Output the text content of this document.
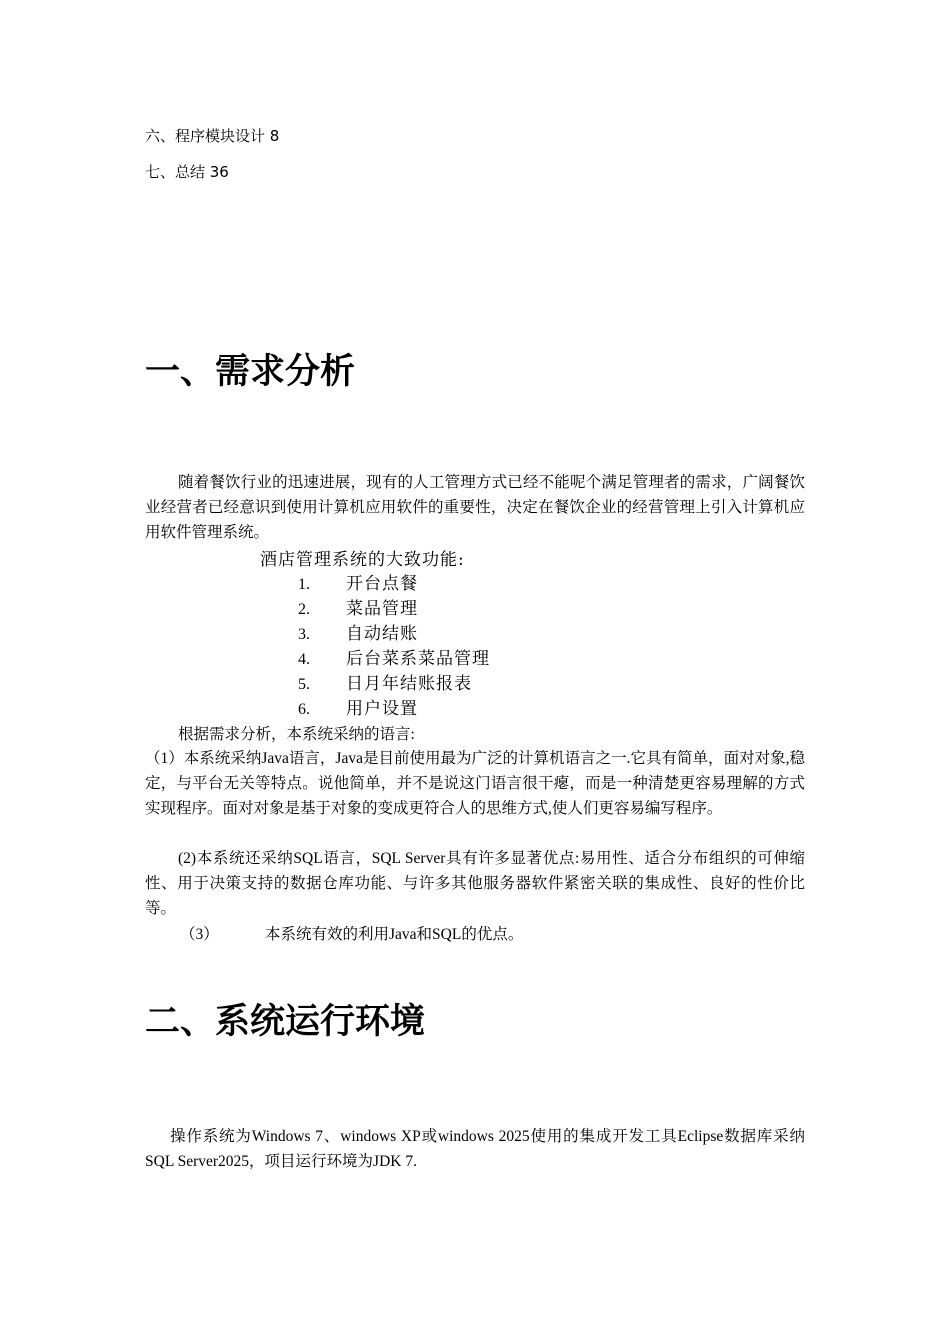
六、程序模块设计 8
七、总结 36
一、需求分析

随着餐饮行业的迅速进展，现有的人工管理方式已经不能呢个满足管理者的需求，广阔餐饮业经营者已经意识到使用计算机应用软件的重要性，决定在餐饮企业的经营管理上引入计算机应用软件管理系统。

酒店管理系统的大致功能:
1. 开台点餐
2. 菜品管理
3. 自动结账
4. 后台菜系菜品管理
5. 日月年结账报表
6. 用户设置

根据需求分析，本系统采纳的语言:

（1）本系统采纳Java语言，Java是目前使用最为广泛的计算机语言之一.它具有简单，面对对象,稳定，与平台无关等特点。说他简单，并不是说这门语言很干瘪，而是一种清楚更容易理解的方式实现程序。面对对象是基于对象的变成更符合人的思维方式,使人们更容易编写程序。

(2)本系统还采纳SQL语言，SQL Server具有许多显著优点:易用性、适合分布组织的可伸缩性、用于决策支持的数据仓库功能、与许多其他服务器软件紧密关联的集成性、良好的性价比等。

（3）	本系统有效的利用Java和SQL的优点。

二、系统运行环境

操作系统为Windows 7、windows XP或windows 2025使用的集成开发工具Eclipse数据库采纳SQL Server2025，项目运行环境为JDK 7.
